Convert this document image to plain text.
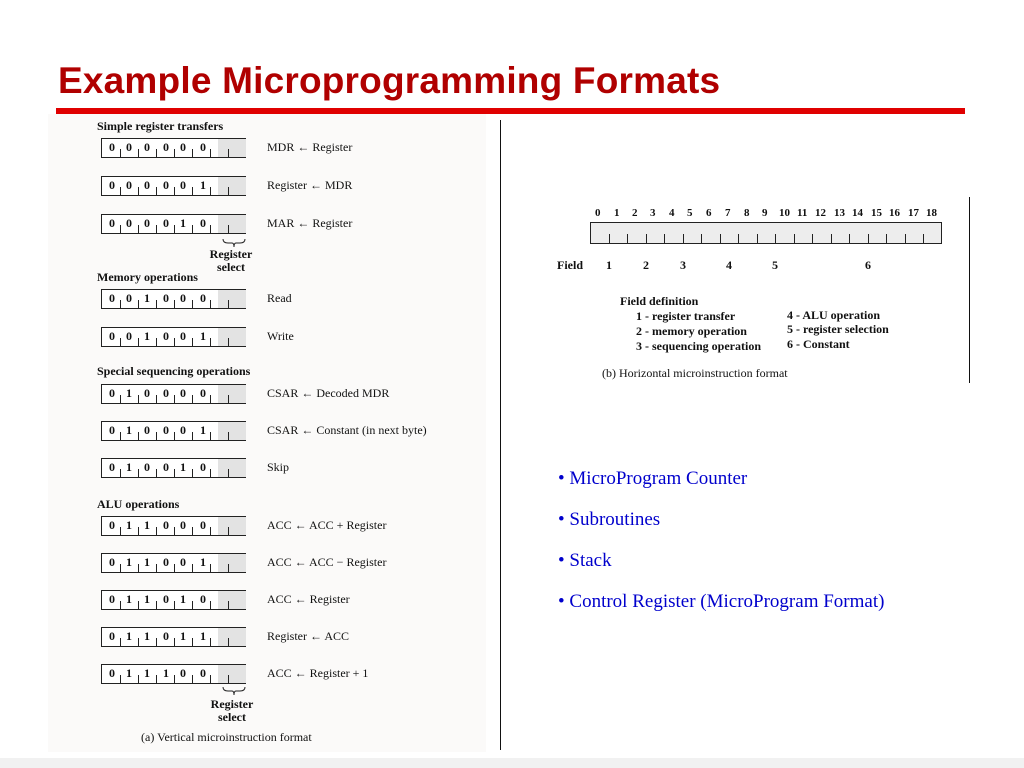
Example Microprogramming Formats
Simple register transfers
Memory operations
Special sequencing operations
ALU operations
0 0 0 0 0 0	MDR ← Register
0 0 0 0 0 1	Register ← MDR
0 0 0 0 1 0	MAR ← Register
0 0 1 0 0 0	Read
0 0 1 0 0 1	Write
0 1 0 0 0 0	CSAR ← Decoded MDR
0 1 0 0 0 1	CSAR ← Constant (in next byte)
0 1 0 0 1 0	Skip
0 1 1 0 0 0	ACC ← ACC + Register
0 1 1 0 0 1	ACC ← ACC − Register
0 1 1 0 1 0	ACC ← Register
0 1 1 0 1 1	Register ← ACC
0 1 1 1 0 0	ACC ← Register + 1
Register
select
Register
select
(a) Vertical microinstruction format
0 1 2 3 4 5 6 7 8 9 10 11 12 13 14 15 16 17 18
Field 1	2	3	4	5	6
Field definition
1 - register transfer
2 - memory operation
3 - sequencing operation
4 - ALU operation
5 - register selection
6 - Constant
(b) Horizontal microinstruction format
• MicroProgram Counter
• Subroutines
• Stack
• Control Register (MicroProgram Format)
